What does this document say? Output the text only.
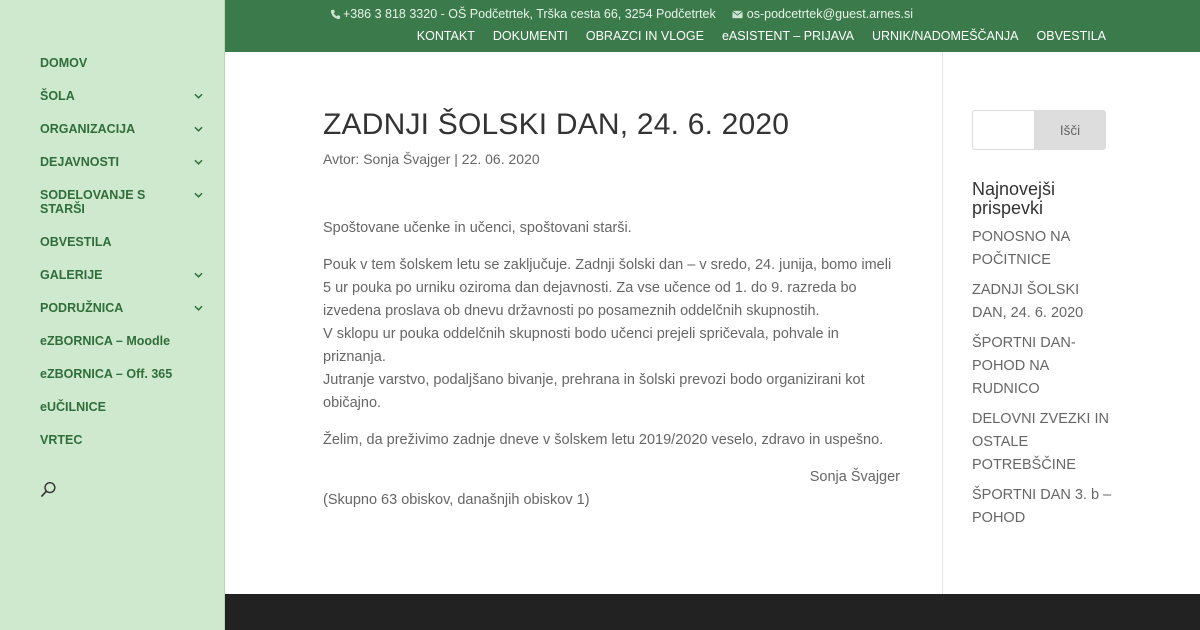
DOMOV
ŠOLA
ORGANIZACIJA
DEJAVNOSTI
SODELOVANJE S STARŠI
OBVESTILA
GALERIJE
PODRUŽNICA
eZBORNICA – Moodle
eZBORNICA – Off. 365
eUČILNICE
VRTEC
+386 3 818 3320 - OŠ Podčetrtek, Trška cesta 66, 3254 Podčetrtek os-podcetrtek@guest.arnes.si
KONTAKT DOKUMENTI OBRAZCI IN VLOGE eASISTENT – PRIJAVA URNIK/NADOMEŠČANJA OBVESTILA
ZADNJI ŠOLSKI DAN, 24. 6. 2020
Avtor: Sonja Švajger | 22. 06. 2020

Spoštovane učenke in učenci, spoštovani starši.

Pouk v tem šolskem letu se zaključuje. Zadnji šolski dan – v sredo, 24. junija, bomo imeli 5 ur pouka po urniku oziroma dan dejavnosti. Za vse učence od 1. do 9. razreda bo izvedena proslava ob dnevu državnosti po posameznih oddelčnih skupnostih.
V sklopu ur pouka oddelčnih skupnosti bodo učenci prejeli spričevala, pohvale in priznanja.
Jutranje varstvo, podaljšano bivanje, prehrana in šolski prevozi bodo organizirani kot običajno.

Želim, da preživimo zadnje dneve v šolskem letu 2019/2020 veselo, zdravo in uspešno.

Sonja Švajger

(Skupno 63 obiskov, današnjih obiskov 1)

Išči
Najnovejši prispevki
PONOSNO NA POČITNICE
ZADNJI ŠOLSKI DAN, 24. 6. 2020
ŠPORTNI DAN- POHOD NA RUDNICO
DELOVNI ZVEZKI IN OSTALE POTREBŠČINE
ŠPORTNI DAN 3. b – POHOD
